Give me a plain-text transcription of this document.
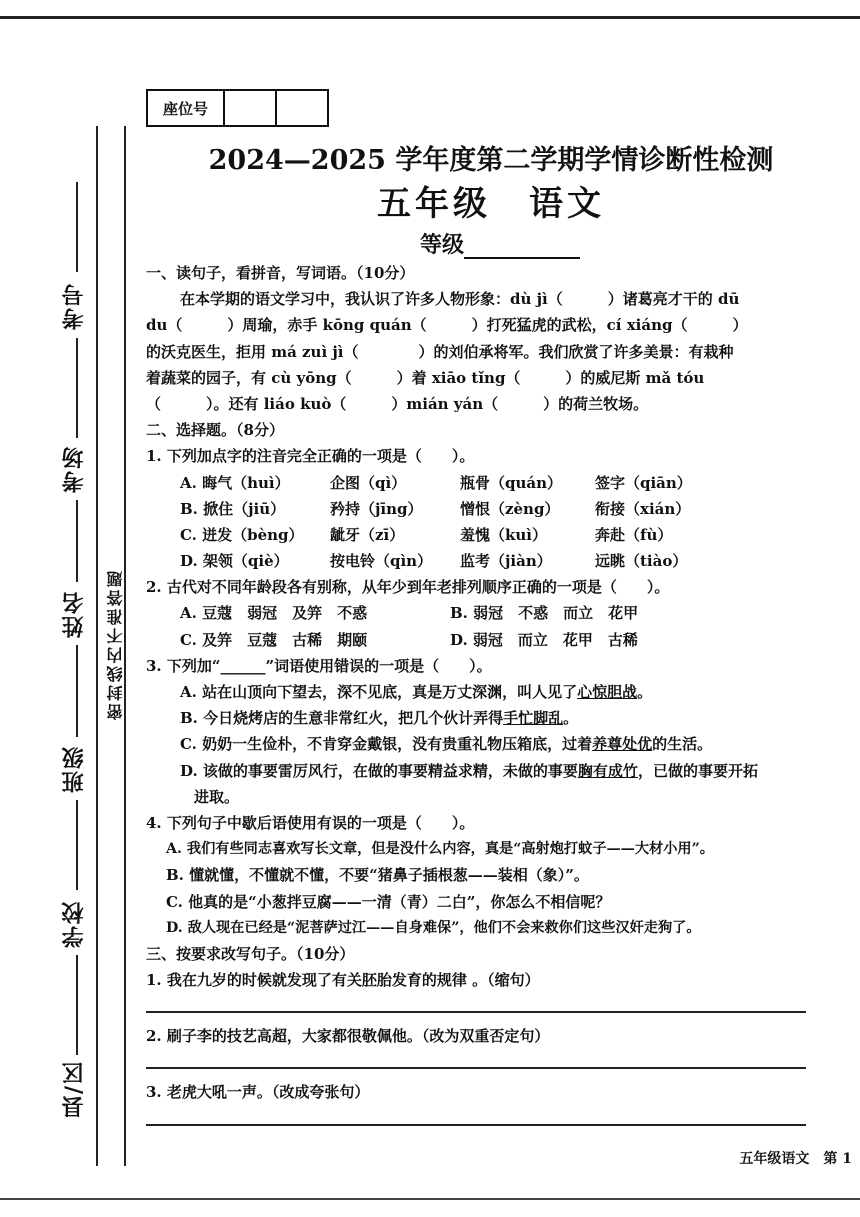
考号
考场
姓名
班级
学校
县/区
密封线内不准答题
座位号
2024—2025 学年度第二学期学情诊断性检测
五年级　语文
等级
一、读句子，看拼音，写词语。（10分）
在本学期的语文学习中，我认识了许多人物形象：dù jì（　　　）诸葛亮才干的 dū
du（　　　）周瑜，赤手 kōng quán（　　　）打死猛虎的武松，cí xiáng（　　　）
的沃克医生，拒用 má zuì jì（　　　　）的刘伯承将军。我们欣赏了许多美景：有栽种
着蔬菜的园子，有 cù yōng（　　　）着 xiāo tǐng（　　　）的威尼斯 mǎ tóu
（　　　）。还有 liáo kuò（　　　）mián yán（　　　）的荷兰牧场。
二、选择题。（8分）
1. 下列加点字的注音完全正确的一项是（　　）。
A. 晦气（huì）	企图（qì）	瓶骨（quán）	签字（qiān）
B. 掀住（jiū）	矜持（jīng）	憎恨（zèng）	衔接（xián）
C. 迸发（bèng）	龇牙（zī）	羞愧（kuì）	奔赴（fù）
D. 架领（qiè）	按电铃（qìn）	监考（jiàn）	远眺（tiào）
2. 古代对不同年龄段各有别称，从年少到年老排列顺序正确的一项是（　　）。
A. 豆蔻　弱冠　及笄　不惑	B. 弱冠　不惑　而立　花甲
C. 及笄　豆蔻　古稀　期颐	D. 弱冠　而立　花甲　古稀
3. 下列加“______”词语使用错误的一项是（　　）。
A. 站在山顶向下望去，深不见底，真是万丈深渊，叫人见了心惊胆战。
B. 今日烧烤店的生意非常红火，把几个伙计弄得手忙脚乱。
C. 奶奶一生俭朴，不肯穿金戴银，没有贵重礼物压箱底，过着养尊处优的生活。
D. 该做的事要雷厉风行，在做的事要精益求精，未做的事要胸有成竹，已做的事要开拓
进取。
4. 下列句子中歇后语使用有误的一项是（　　）。
A. 我们有些同志喜欢写长文章，但是没什么内容，真是“高射炮打蚊子——大材小用”。
B. 懂就懂，不懂就不懂，不要“猪鼻子插根葱——装相（象）”。
C. 他真的是“小葱拌豆腐——一清（青）二白”，你怎么不相信呢？
D. 敌人现在已经是“泥菩萨过江——自身难保”，他们不会来救你们这些汉奸走狗了。
三、按要求改写句子。（10分）
1. 我在九岁的时候就发现了有关胚胎发育的规律 。（缩句）
2. 刷子李的技艺高超，大家都很敬佩他。（改为双重否定句）
3. 老虎大吼一声。（改成夸张句）
五年级语文　第 1
